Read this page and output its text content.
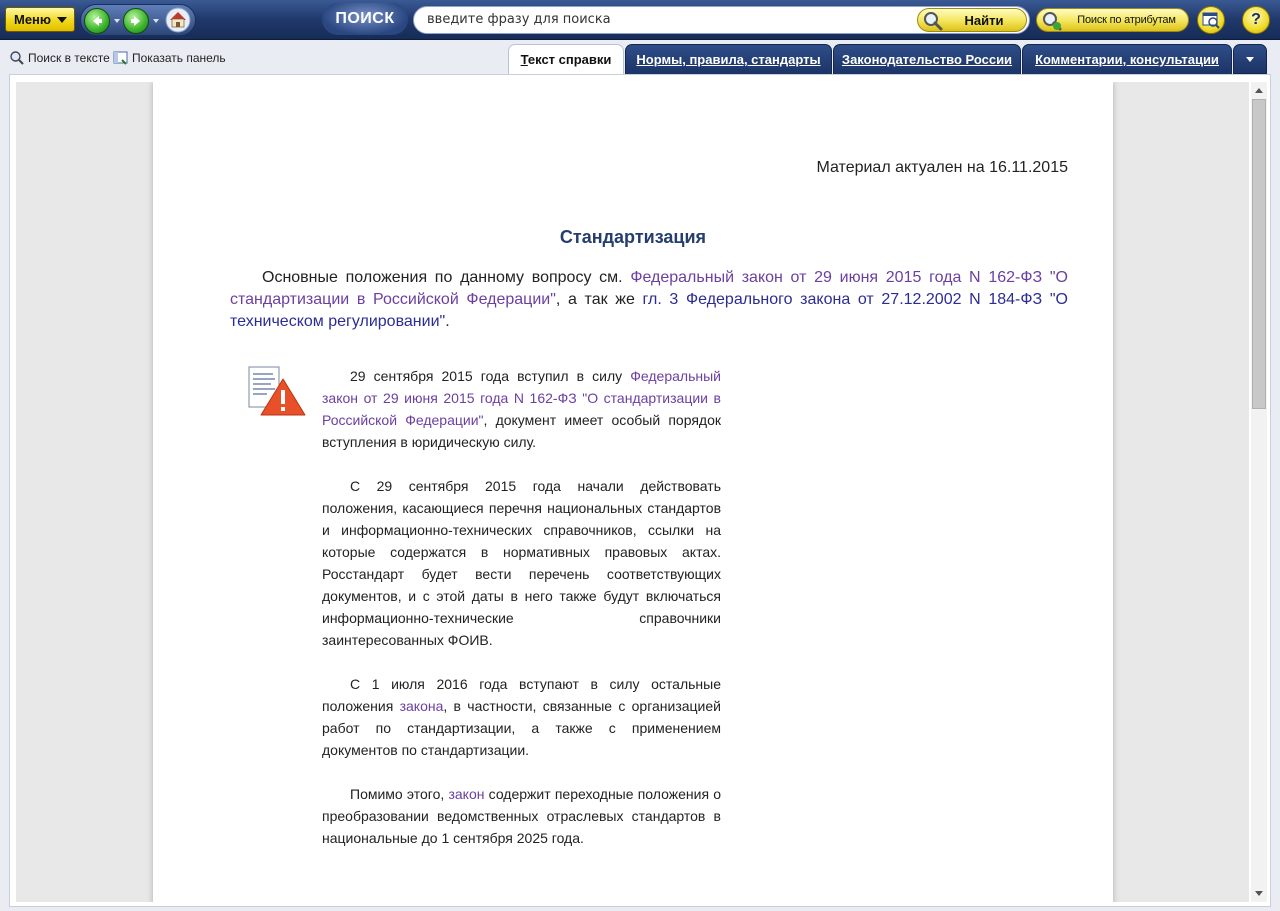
Меню	ПОИСК	введите фразу для поиска	Найти	Поиск по атрибутам	?
Поиск в тексте Показать панель	Текст справки Нормы, правила, стандарты Законодательство России Комментарии, консультации
Материал актуален на 16.11.2015
Стандартизация
Основные положения по данному вопросу см. Федеральный закон от 29 июня 2015 года N 162-ФЗ "О стандартизации в Российской Федерации", а так же гл. 3 Федерального закона от 27.12.2002 N 184-ФЗ "О техническом регулировании".

29 сентября 2015 года вступил в силу Федеральный закон от 29 июня 2015 года N 162-ФЗ "О стандартизации в Российской Федерации", документ имеет особый порядок вступления в юридическую силу.

С 29 сентября 2015 года начали действовать положения, касающиеся перечня национальных стандартов и информационно-технических справочников, ссылки на которые содержатся в нормативных правовых актах. Росстандарт будет вести перечень соответствующих документов, и с этой даты в него также будут включаться информационно-технические справочники заинтересованных ФОИВ.

С 1 июля 2016 года вступают в силу остальные положения закона, в частности, связанные с организацией работ по стандартизации, а также с применением документов по стандартизации.

Помимо этого, закон содержит переходные положения о преобразовании ведомственных отраслевых стандартов в национальные до 1 сентября 2025 года.
